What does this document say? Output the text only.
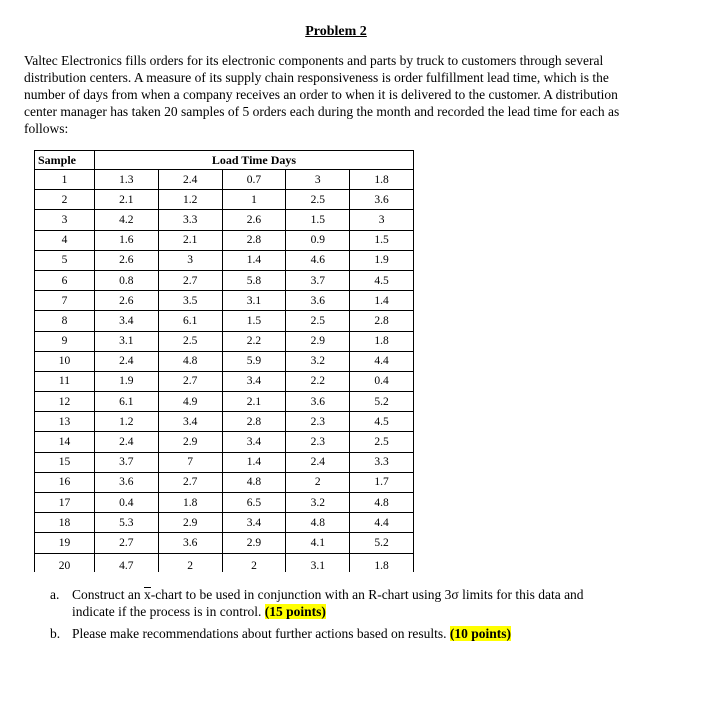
Problem 2
Valtec Electronics fills orders for its electronic components and parts by truck to customers through several
distribution centers. A measure of its supply chain responsiveness is order fulfillment lead time, which is the
number of days from when a company receives an order to when it is delivered to the customer. A distribution
center manager has taken 20 samples of 5 orders each during the month and recorded the lead time for each as
follows:
Sample	Load Time Days				
1	1.3	2.4	0.7	3	1.8
2	2.1	1.2	1	2.5	3.6
3	4.2	3.3	2.6	1.5	3
4	1.6	2.1	2.8	0.9	1.5
5	2.6	3	1.4	4.6	1.9
6	0.8	2.7	5.8	3.7	4.5
7	2.6	3.5	3.1	3.6	1.4
8	3.4	6.1	1.5	2.5	2.8
9	3.1	2.5	2.2	2.9	1.8
10	2.4	4.8	5.9	3.2	4.4
11	1.9	2.7	3.4	2.2	0.4
12	6.1	4.9	2.1	3.6	5.2
13	1.2	3.4	2.8	2.3	4.5
14	2.4	2.9	3.4	2.3	2.5
15	3.7	7	1.4	2.4	3.3
16	3.6	2.7	4.8	2	1.7
17	0.4	1.8	6.5	3.2	4.8
18	5.3	2.9	3.4	4.8	4.4
19	2.7	3.6	2.9	4.1	5.2
20	4.7	2	2	3.1	1.8
a. Construct an x-chart to be used in conjunction with an R-chart using 3σ limits for this data and
indicate if the process is in control. (15 points)
b. Please make recommendations about further actions based on results. (10 points)
